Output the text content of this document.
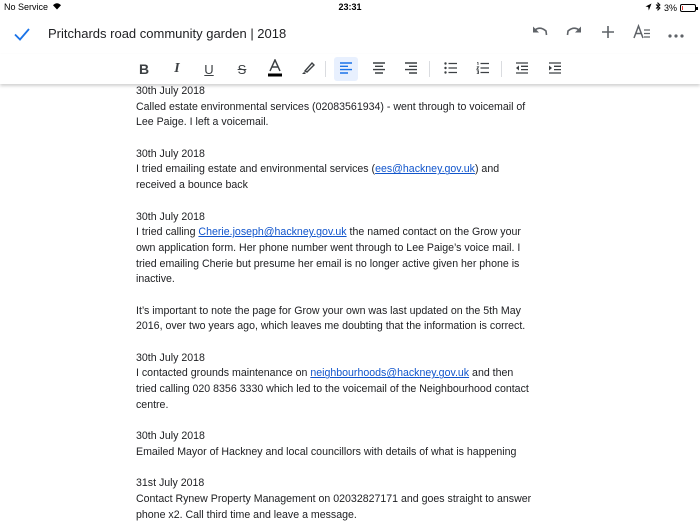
No Service	23:31	3%
Pritchards road community garden | 2018
B I U S
30th July 2018
Called estate environmental services (02083561934) - went through to voicemail of
Lee Paige. I left a voicemail.
30th July 2018
I tried emailing estate and environmental services (ees@hackney.gov.uk) and
received a bounce back
30th July 2018
I tried calling Cherie.joseph@hackney.gov.uk the named contact on the Grow your
own application form. Her phone number went through to Lee Paige’s voice mail. I
tried emailing Cherie but presume her email is no longer active given her phone is
inactive.
It’s important to note the page for Grow your own was last updated on the 5th May
2016, over two years ago, which leaves me doubting that the information is correct.
30th July 2018
I contacted grounds maintenance on neighbourhoods@hackney.gov.uk and then
tried calling 020 8356 3330 which led to the voicemail of the Neighbourhood contact
centre.
30th July 2018
Emailed Mayor of Hackney and local councillors with details of what is happening
31st July 2018
Contact Rynew Property Management on 02032827171 and goes straight to answer
phone x2. Call third time and leave a message.
